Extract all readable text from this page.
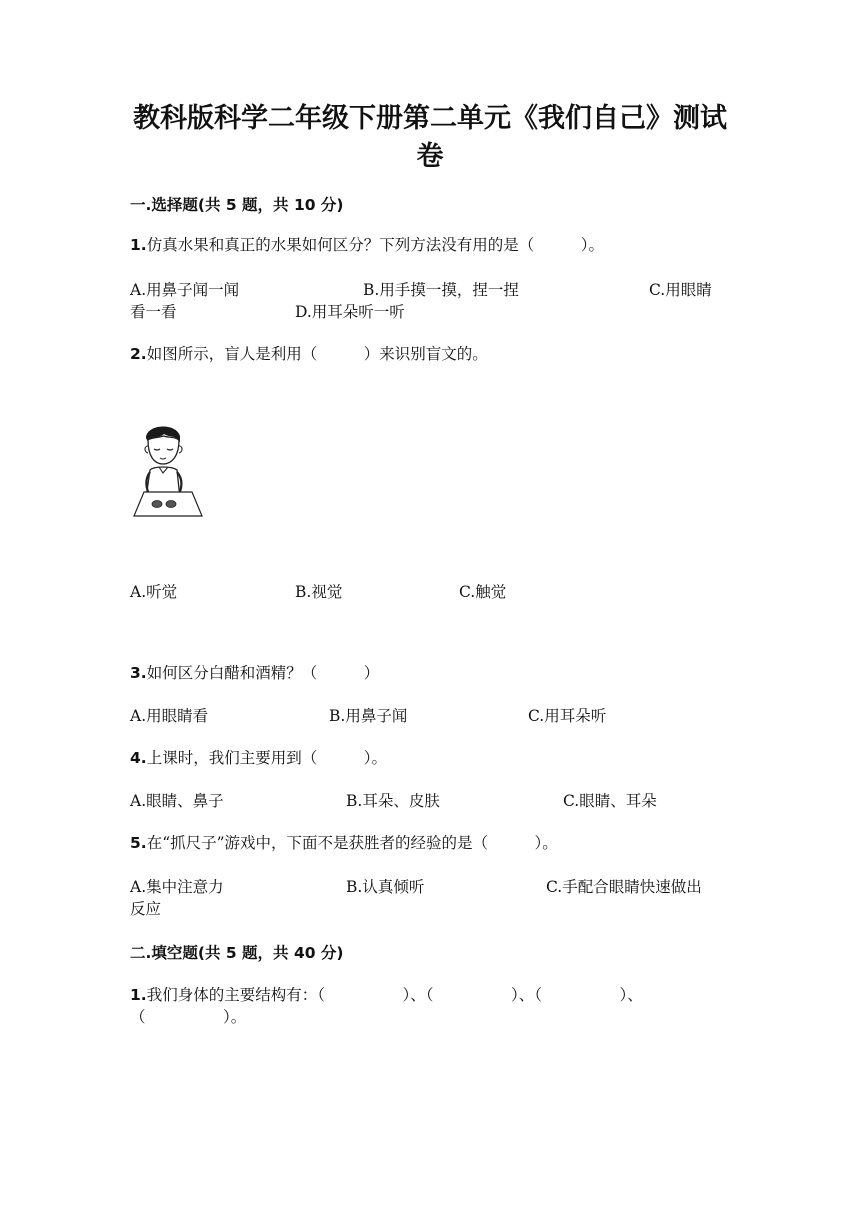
教科版科学二年级下册第二单元《我们自己》测试
卷
一.选择题(共 5 题，共 10 分)
1.仿真水果和真正的水果如何区分？下列方法没有用的是（　　　）。
A.用鼻子闻一闻	B.用手摸一摸，捏一捏	C.用眼睛
看一看	D.用耳朵听一听
2.如图所示，盲人是利用（　　　）来识别盲文的。
A.听觉	B.视觉	C.触觉
3.如何区分白醋和酒精？（　　　）
A.用眼睛看	B.用鼻子闻	C.用耳朵听
4.上课时，我们主要用到（　　　）。
A.眼睛、鼻子	B.耳朵、皮肤	C.眼睛、耳朵
5.在“抓尺子”游戏中，下面不是获胜者的经验的是（　　　）。
A.集中注意力	B.认真倾听	C.手配合眼睛快速做出
反应
二.填空题(共 5 题，共 40 分)
1.我们身体的主要结构有：（　　　　　）、（　　　　　）、（　　　　　）、
（　　　　　）。
